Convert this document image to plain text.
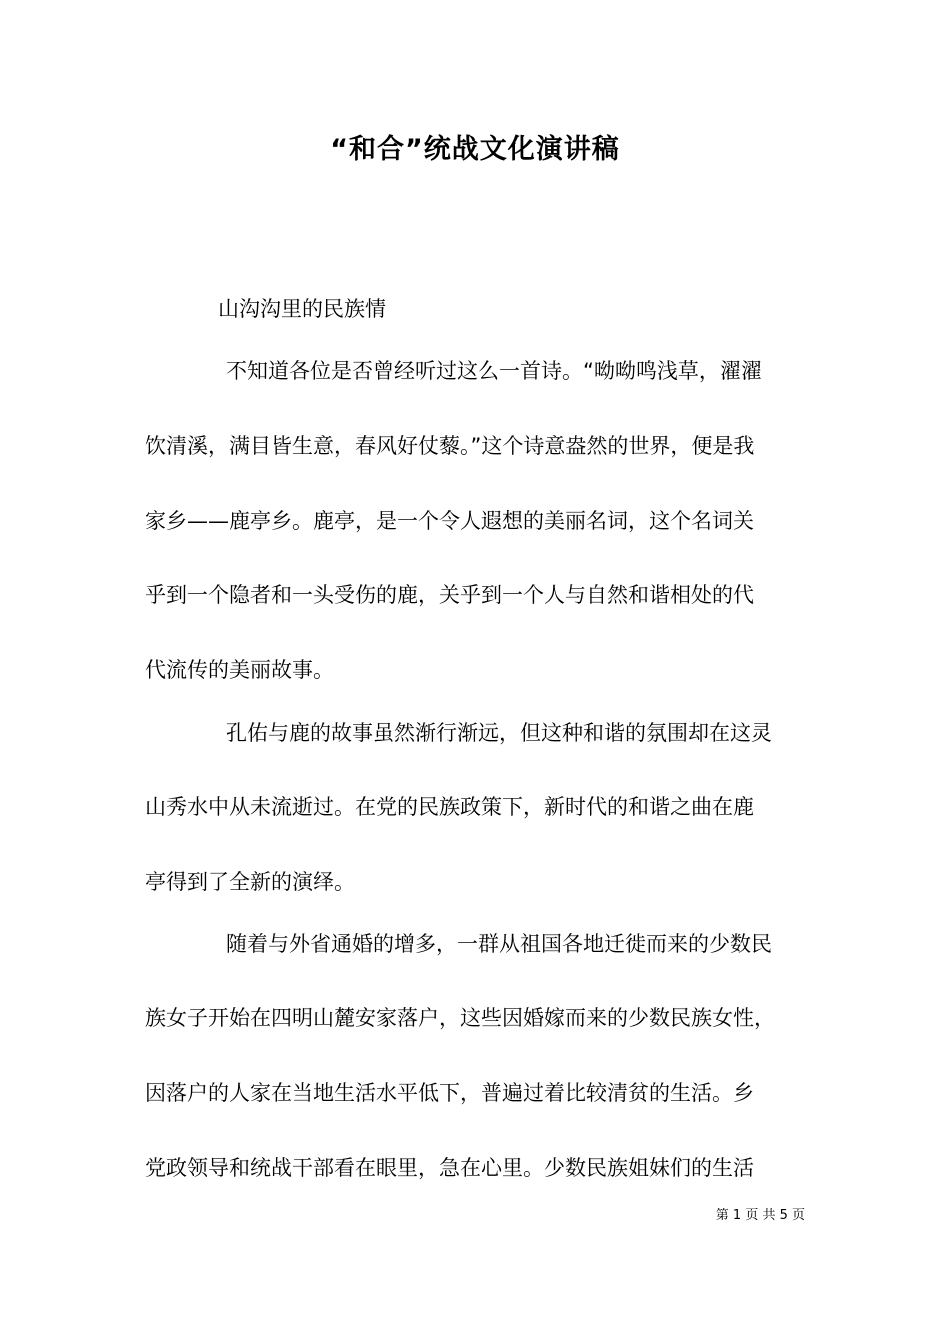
“和合”统战文化演讲稿
山沟沟里的民族情
不知道各位是否曾经听过这么一首诗。“呦呦鸣浅草，濯濯
饮清溪，满目皆生意，春风好仗藜。”这个诗意盎然的世界，便是我
家乡——鹿亭乡。鹿亭，是一个令人遐想的美丽名词，这个名词关
乎到一个隐者和一头受伤的鹿，关乎到一个人与自然和谐相处的代
代流传的美丽故事。
孔佑与鹿的故事虽然渐行渐远，但这种和谐的氛围却在这灵
山秀水中从未流逝过。在党的民族政策下，新时代的和谐之曲在鹿
亭得到了全新的演绎。
随着与外省通婚的增多，一群从祖国各地迁徙而来的少数民
族女子开始在四明山麓安家落户，这些因婚嫁而来的少数民族女性，
因落户的人家在当地生活水平低下，普遍过着比较清贫的生活。乡
党政领导和统战干部看在眼里，急在心里。少数民族姐妹们的生活
第 1 页 共 5 页
